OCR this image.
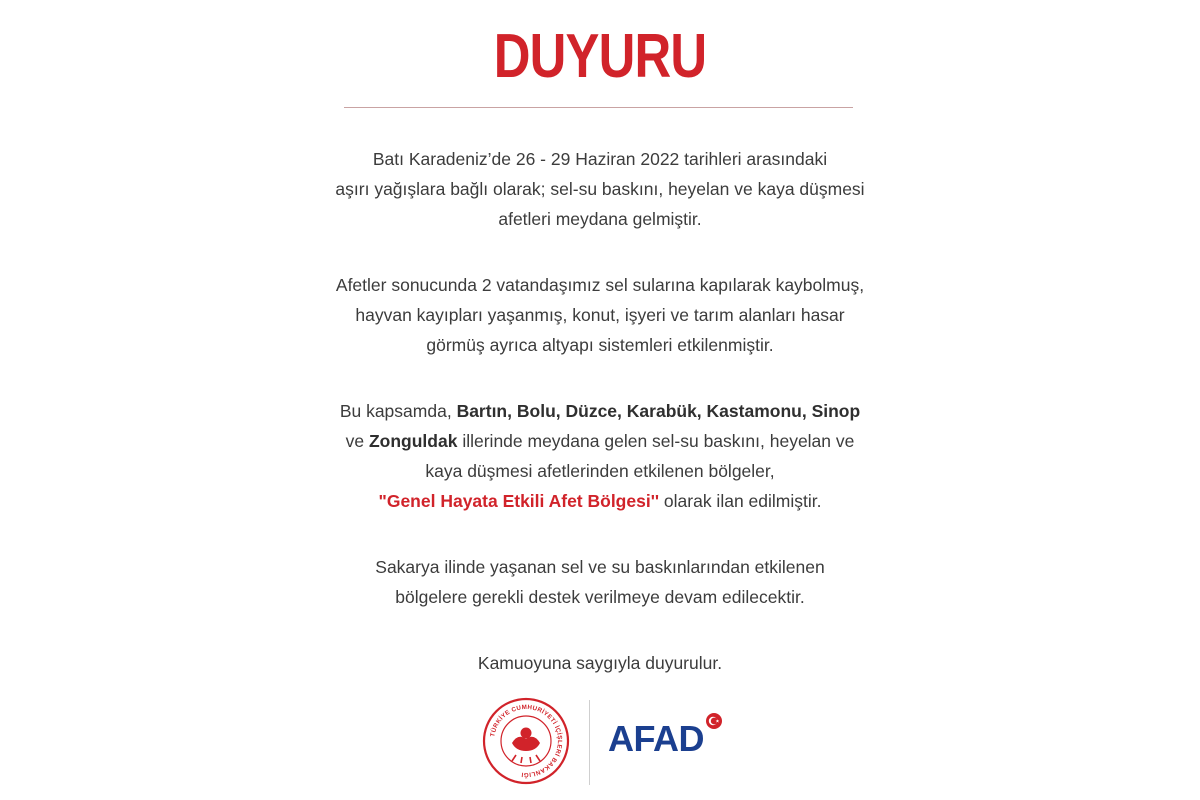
DUYURU

Batı Karadeniz’de 26 - 29 Haziran 2022 tarihleri arasındaki
aşırı yağışlara bağlı olarak; sel-su baskını, heyelan ve kaya düşmesi
afetleri meydana gelmiştir.

Afetler sonucunda 2 vatandaşımız sel sularına kapılarak kaybolmuş,
hayvan kayıpları yaşanmış, konut, işyeri ve tarım alanları hasar
görmüş ayrıca altyapı sistemleri etkilenmiştir.

Bu kapsamda, Bartın, Bolu, Düzce, Karabük, Kastamonu, Sinop
ve Zonguldak illerinde meydana gelen sel-su baskını, heyelan ve
kaya düşmesi afetlerinden etkilenen bölgeler,
"Genel Hayata Etkili Afet Bölgesi'' olarak ilan edilmiştir.

Sakarya ilinde yaşanan sel ve su baskınlarından etkilenen
bölgelere gerekli destek verilmeye devam edilecektir.

Kamuoyuna saygıyla duyurulur.

TÜRKİYE CUMHURİYETİ İÇİŞLERİ BAKANLIĞI
AFAD
